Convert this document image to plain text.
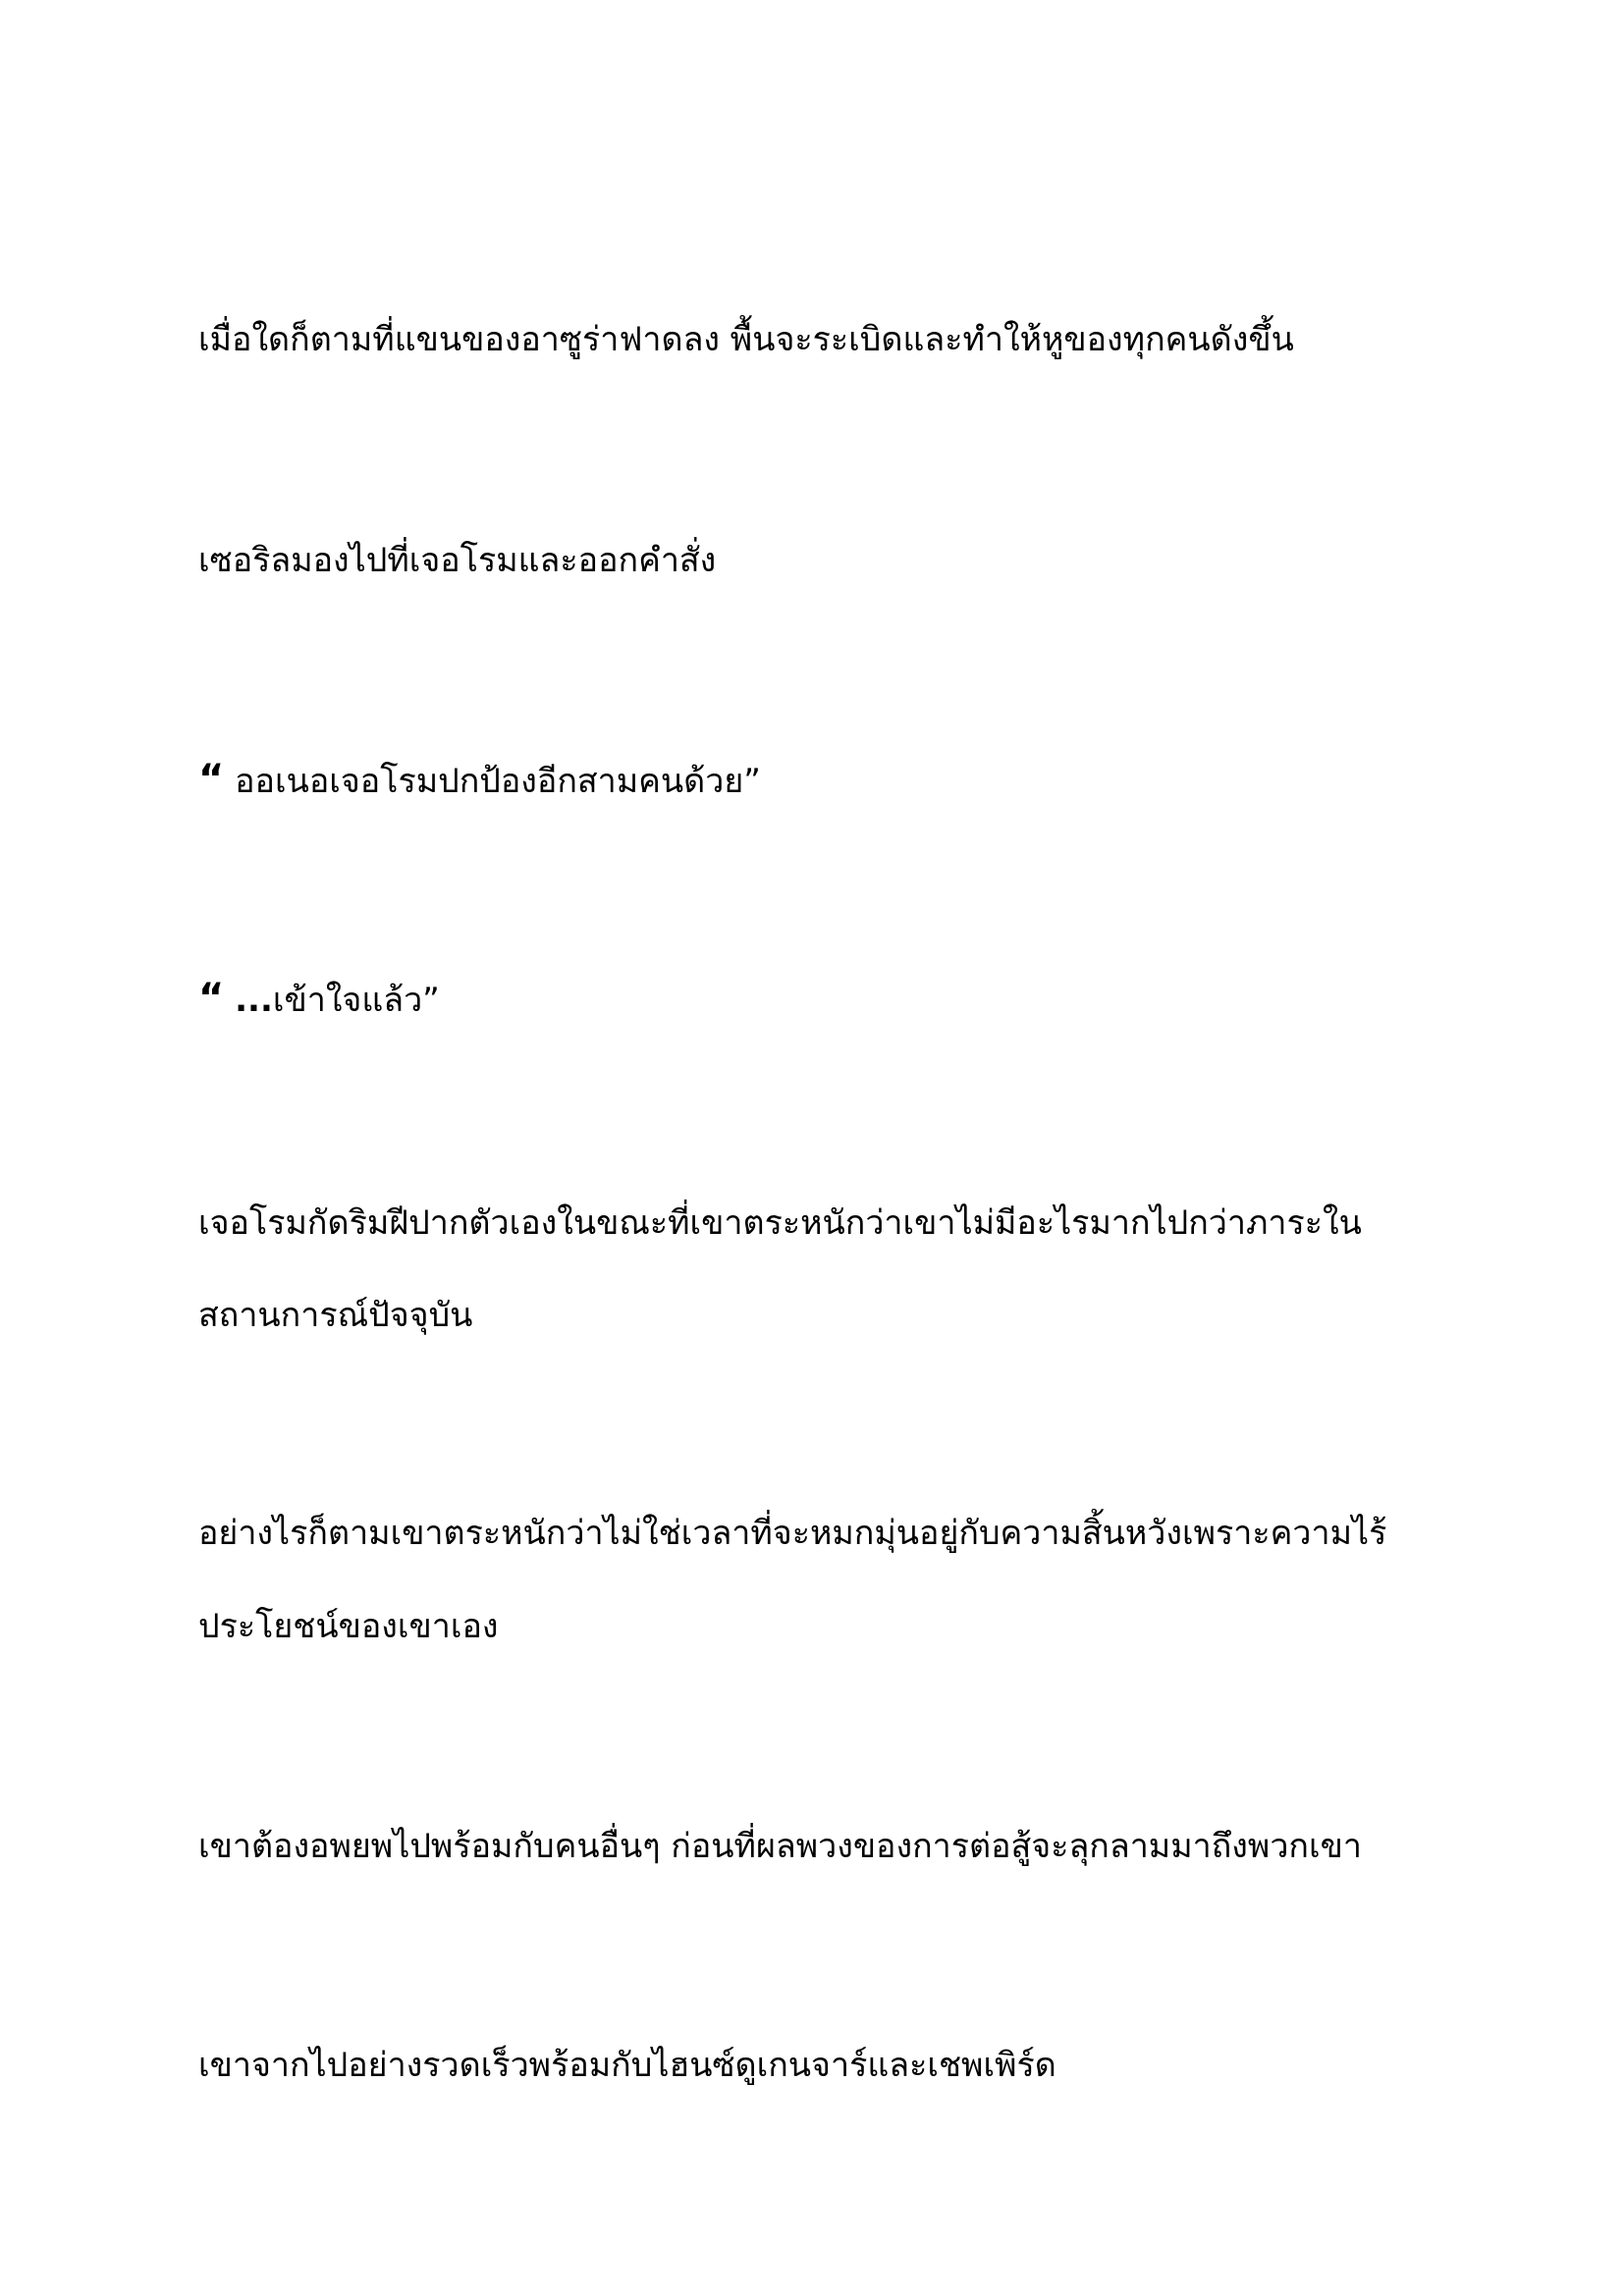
เมื่อใดก็ตามที่แขนของอาซูร่าฟาดลง พื้นจะระเบิดและทำให้หูของทุกคนดังขึ้น
เซอริลมองไปที่เจอโรมและออกคำสั่ง
“ ออเนอเจอโรมปกป้องอีกสามคนด้วย”
“ ...เข้าใจแล้ว”
เจอโรมกัดริมฝีปากตัวเองในขณะที่เขาตระหนักว่าเขาไม่มีอะไรมากไปกว่าภาระใน
สถานการณ์ปัจจุบัน
อย่างไรก็ตามเขาตระหนักว่าไม่ใช่เวลาที่จะหมกมุ่นอยู่กับความสิ้นหวังเพราะความไร้
ประโยชน์ของเขาเอง
เขาต้องอพยพไปพร้อมกับคนอื่นๆ ก่อนที่ผลพวงของการต่อสู้จะลุกลามมาถึงพวกเขา
เขาจากไปอย่างรวดเร็วพร้อมกับไฮนซ์ดูเกนจาร์และเชพเพิร์ด
